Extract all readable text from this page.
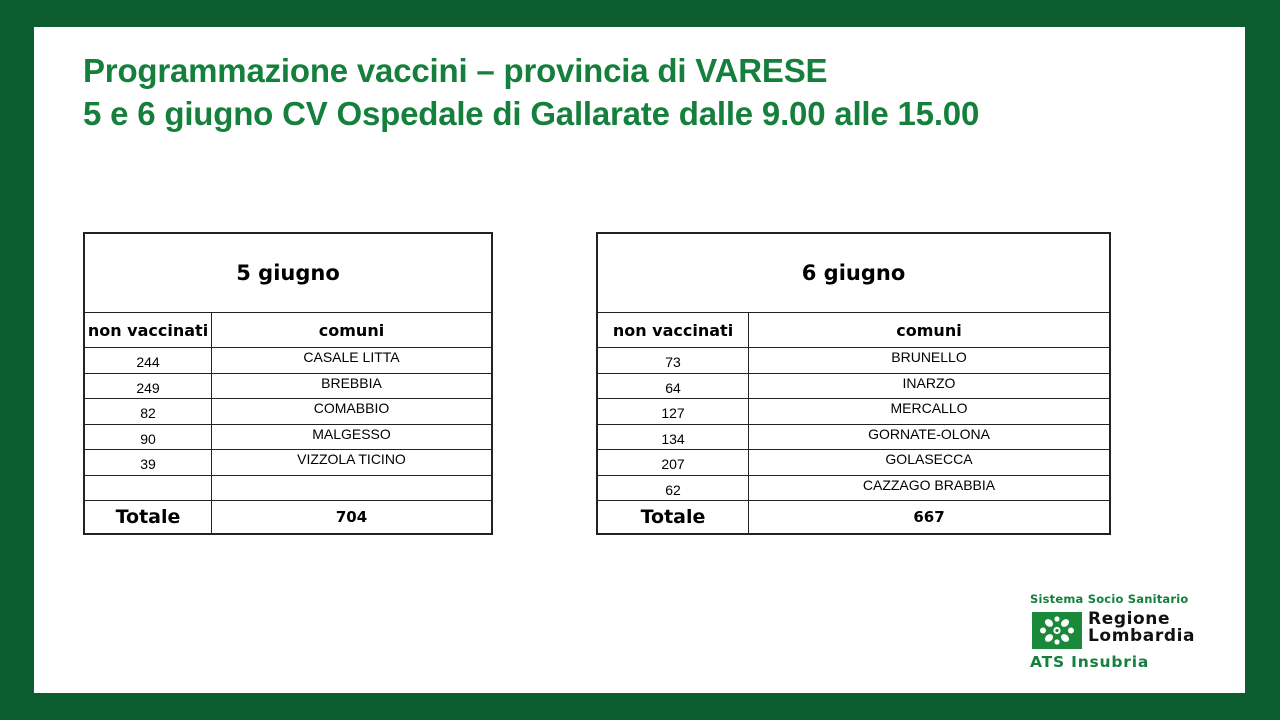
Programmazione vaccini – provincia di VARESE
5 e 6 giugno CV Ospedale di Gallarate dalle 9.00 alle 15.00
5 giugno	
non vaccinati	comuni
244	CASALE LITTA
249	BREBBIA
82	COMABBIO
90	MALGESSO
39	VIZZOLA TICINO

Totale	704
6 giugno	
non vaccinati	comuni
73	BRUNELLO
64	INARZO
127	MERCALLO
134	GORNATE-OLONA
207	GOLASECCA
62	CAZZAGO BRABBIA
Totale	667
Sistema Socio Sanitario
Regione
Lombardia
ATS Insubria
